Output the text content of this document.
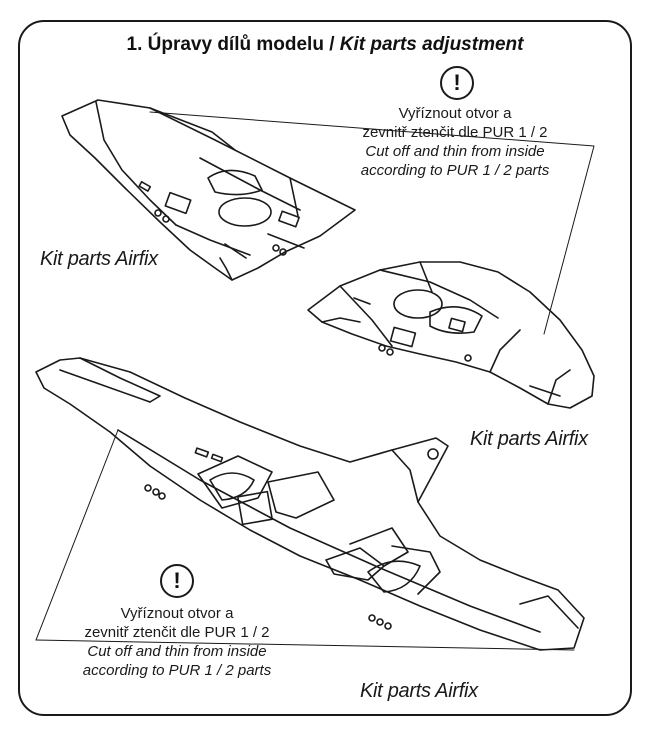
1. Úpravy dílů modelu / Kit parts adjustment
!
Vyříznout otvor a
zevnitř ztenčit dle PUR 1 / 2
Cut off and thin from inside
according to PUR 1 / 2 parts
!
Vyříznout otvor a
zevnitř ztenčit dle PUR 1 / 2
Cut off and thin from inside
according to PUR 1 / 2 parts
Kit parts Airfix
Kit parts Airfix
Kit parts Airfix
